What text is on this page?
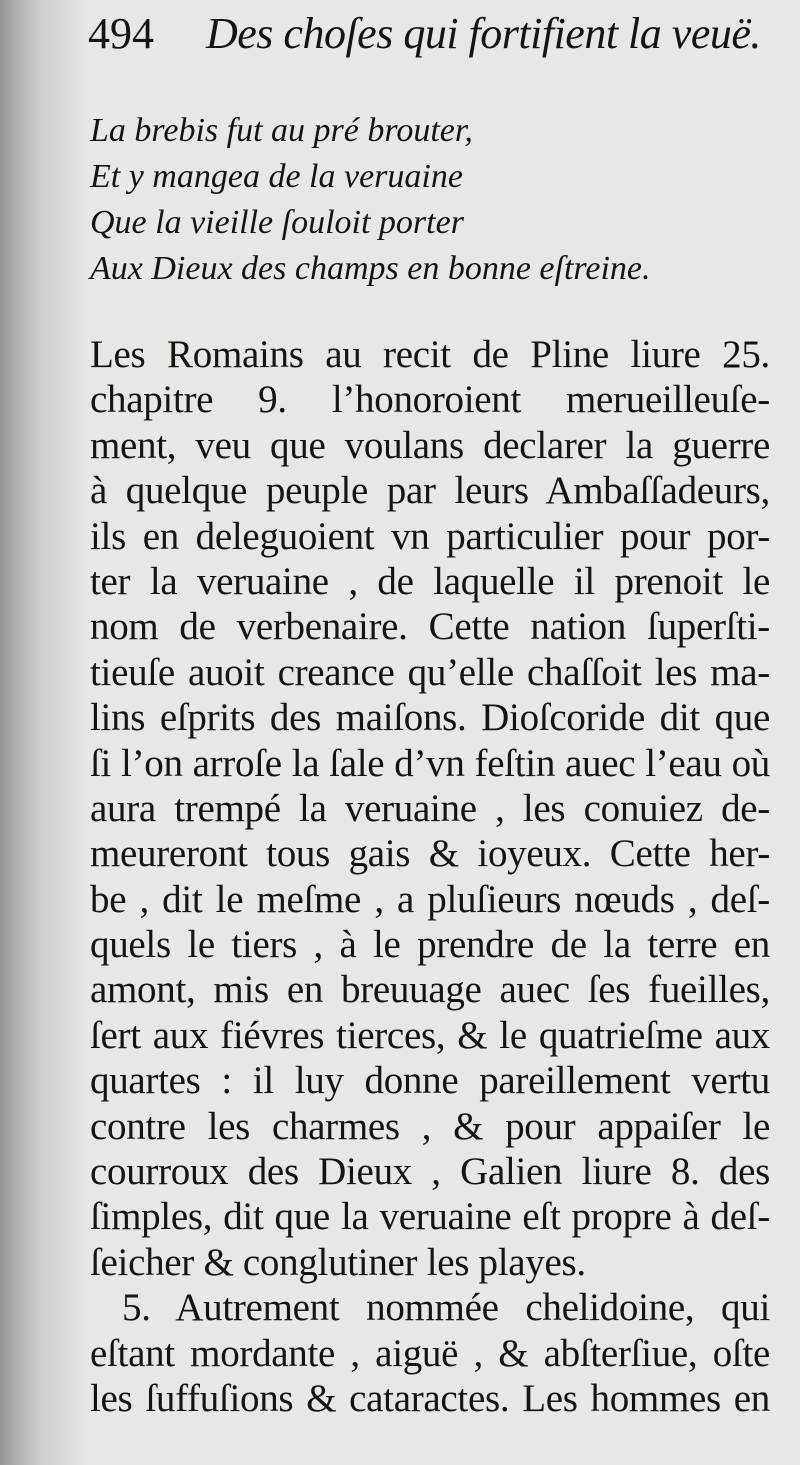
494 Des choſes qui fortifient la veuë.
La brebis fut au pré brouter,
Et y mangea de la veruaine
Que la vieille ſouloit porter
Aux Dieux des champs en bonne eſtreine.
Les Romains au recit de Pline liure 25.
chapitre 9. l’honoroient merueilleuſe-
ment, veu que voulans declarer la guerre
à quelque peuple par leurs Ambaſſadeurs,
ils en deleguoient vn particulier pour por-
ter la veruaine , de laquelle il prenoit le
nom de verbenaire. Cette nation ſuperſti-
tieuſe auoit creance qu’elle chaſſoit les ma-
lins eſprits des maiſons. Dioſcoride dit que
ſi l’on arroſe la ſale d’vn feſtin auec l’eau où
aura trempé la veruaine , les conuiez de-
meureront tous gais & ioyeux. Cette her-
be , dit le meſme , a pluſieurs nœuds , deſ-
quels le tiers , à le prendre de la terre en
amont, mis en breuuage auec ſes fueilles,
ſert aux fiévres tierces, & le quatrieſme aux
quartes : il luy donne pareillement vertu
contre les charmes , & pour appaiſer le
courroux des Dieux , Galien liure 8. des
ſimples, dit que la veruaine eſt propre à deſ-
ſeicher & conglutiner les playes.
5. Autrement nommée chelidoine, qui
eſtant mordante , aiguë , & abſterſiue, oſte
les ſuffuſions & cataractes. Les hommes en
